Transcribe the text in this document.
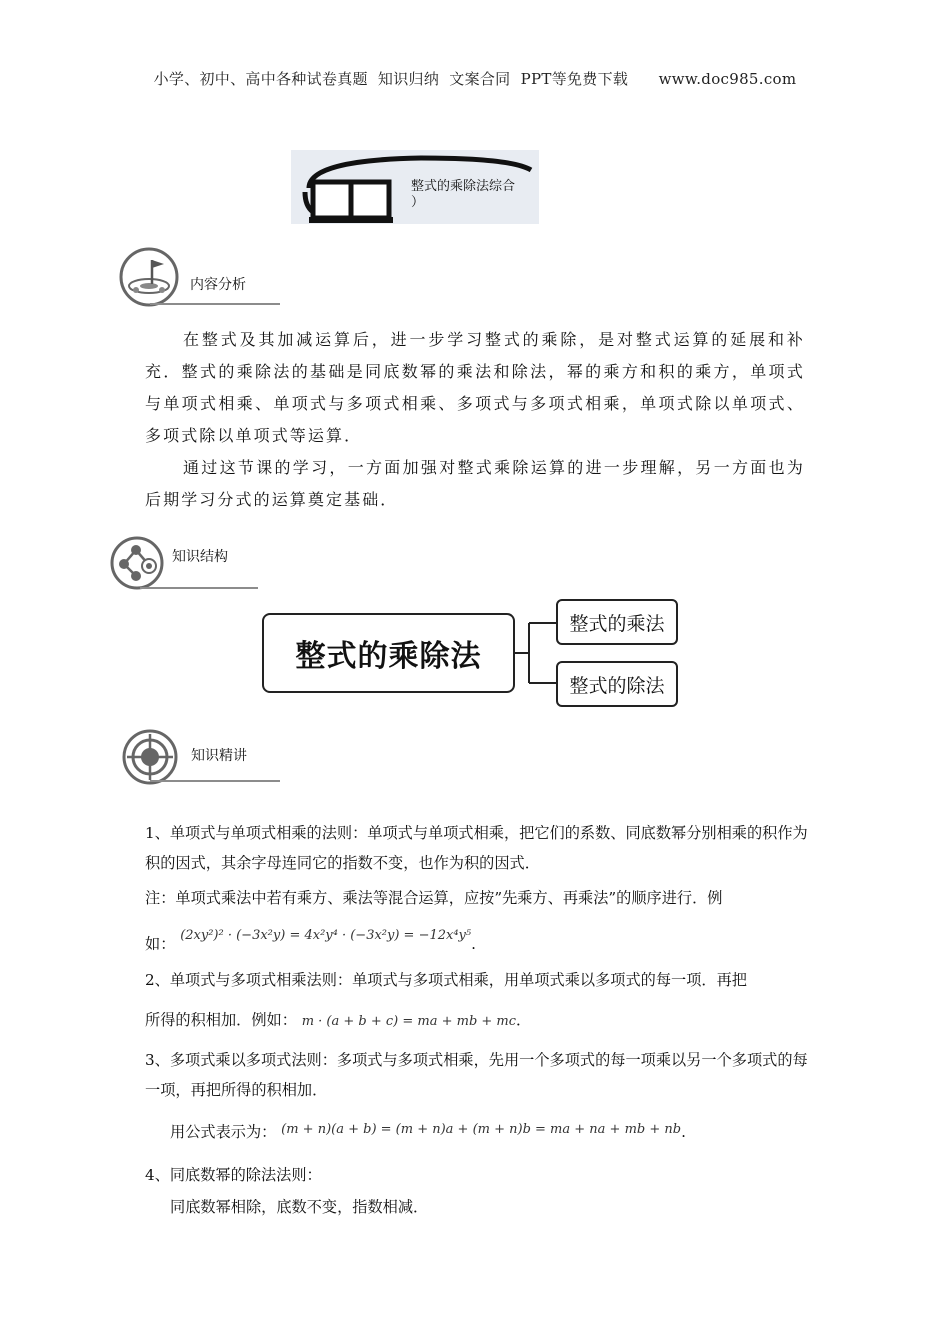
小学、初中、高中各种试卷真题  知识归纳  文案合同  PPT等免费下载      www.doc985.com
整式的乘除法综合
）
内容分析

在整式及其加减运算后，进一步学习整式的乘除，是对整式运算的延展和补充．整式的乘除法的基础是同底数幂的乘法和除法，幂的乘方和积的乘方，单项式与单项式相乘、单项式与多项式相乘、多项式与多项式相乘，单项式除以单项式、多项式除以单项式等运算．

通过这节课的学习，一方面加强对整式乘除运算的进一步理解，另一方面也为后期学习分式的运算奠定基础．

知识结构
整式的乘除法
整式的乘法
整式的除法
知识精讲
1、单项式与单项式相乘的法则：单项式与单项式相乘，把它们的系数、同底数幂分别相乘的积作为积的因式，其余字母连同它的指数不变，也作为积的因式．
注：单项式乘法中若有乘方、乘法等混合运算，应按”先乘方、再乘法”的顺序进行．例
如： (2xy²)² · (−3x²y) = 4x²y⁴ · (−3x²y) = −12x⁴y⁵.
2、单项式与多项式相乘法则：单项式与多项式相乘，用单项式乘以多项式的每一项．再把
所得的积相加．例如： m · (a + b + c) = ma + mb + mc．
3、多项式乘以多项式法则：多项式与多项式相乘，先用一个多项式的每一项乘以另一个多项式的每一项，再把所得的积相加．
用公式表示为： (m + n)(a + b) = (m + n)a + (m + n)b = ma + na + mb + nb.
4、同底数幂的除法法则：
同底数幂相除，底数不变，指数相减．
